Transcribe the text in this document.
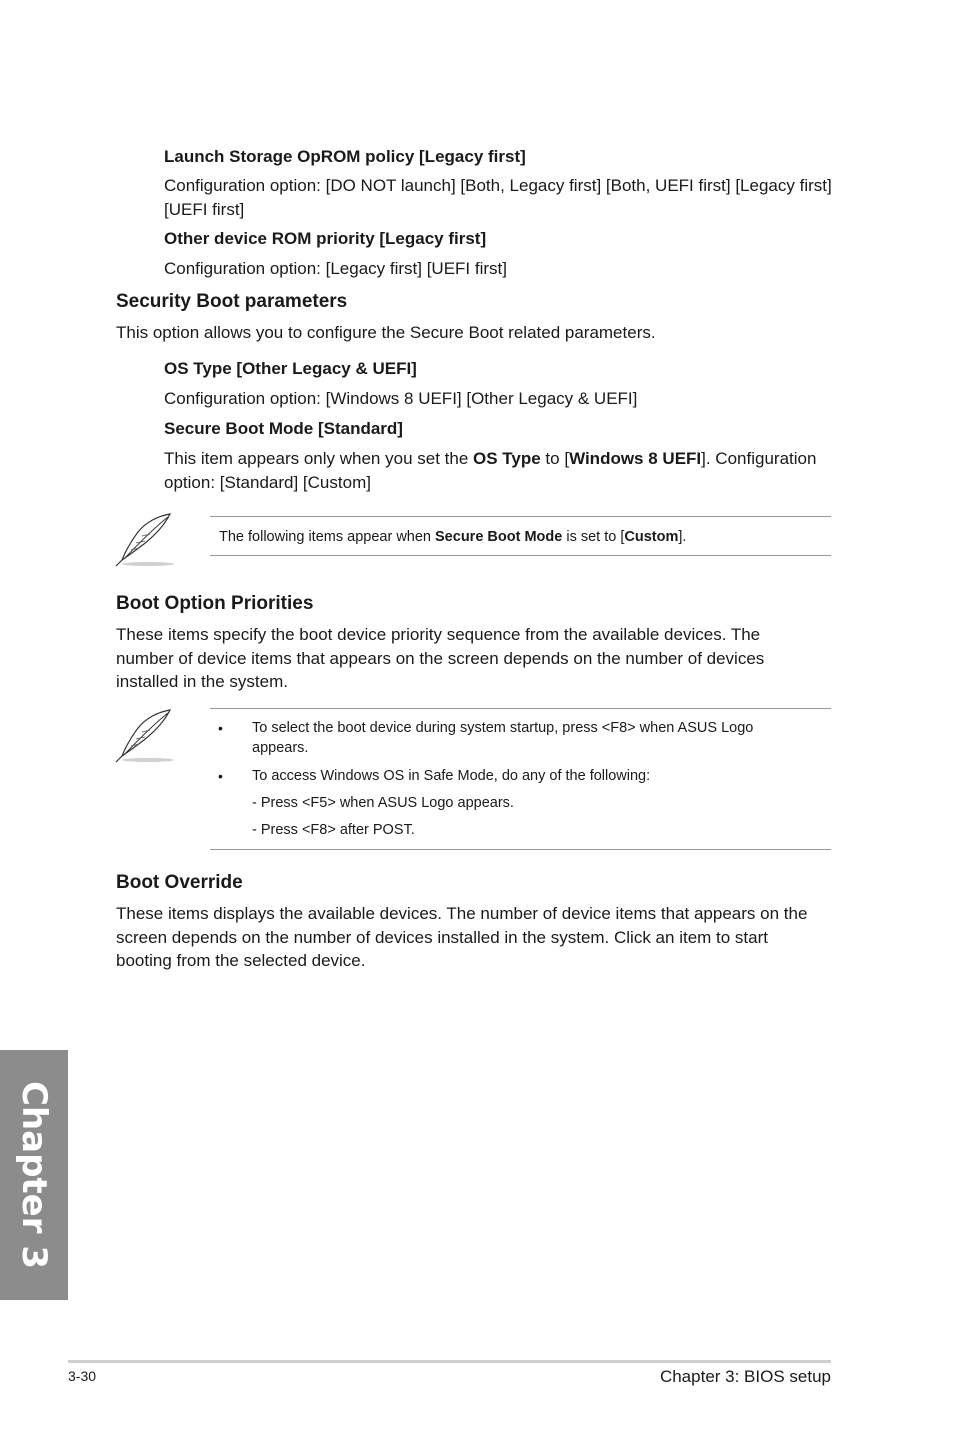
Launch Storage OpROM policy [Legacy first]
Configuration option: [DO NOT launch] [Both, Legacy first] [Both, UEFI first] [Legacy first] [UEFI first]
Other device ROM priority [Legacy first]
Configuration option: [Legacy first] [UEFI first]
Security Boot parameters
This option allows you to configure the Secure Boot related parameters.
OS Type [Other Legacy & UEFI]
Configuration option: [Windows 8 UEFI] [Other Legacy & UEFI]
Secure Boot Mode [Standard]
This item appears only when you set the OS Type to [Windows 8 UEFI]. Configuration option: [Standard] [Custom]
The following items appear when Secure Boot Mode is set to [Custom].
Boot Option Priorities
These items specify the boot device priority sequence from the available devices. The number of device items that appears on the screen depends on the number of devices installed in the system.
• To select the boot device during system startup, press <F8> when ASUS Logo appears.
• To access Windows OS in Safe Mode, do any of the following:
- Press <F5> when ASUS Logo appears.
- Press <F8> after POST.
Boot Override
These items displays the available devices. The number of device items that appears on the screen depends on the number of devices installed in the system. Click an item to start booting from the selected device.
Chapter 3
3-30	Chapter 3: BIOS setup
